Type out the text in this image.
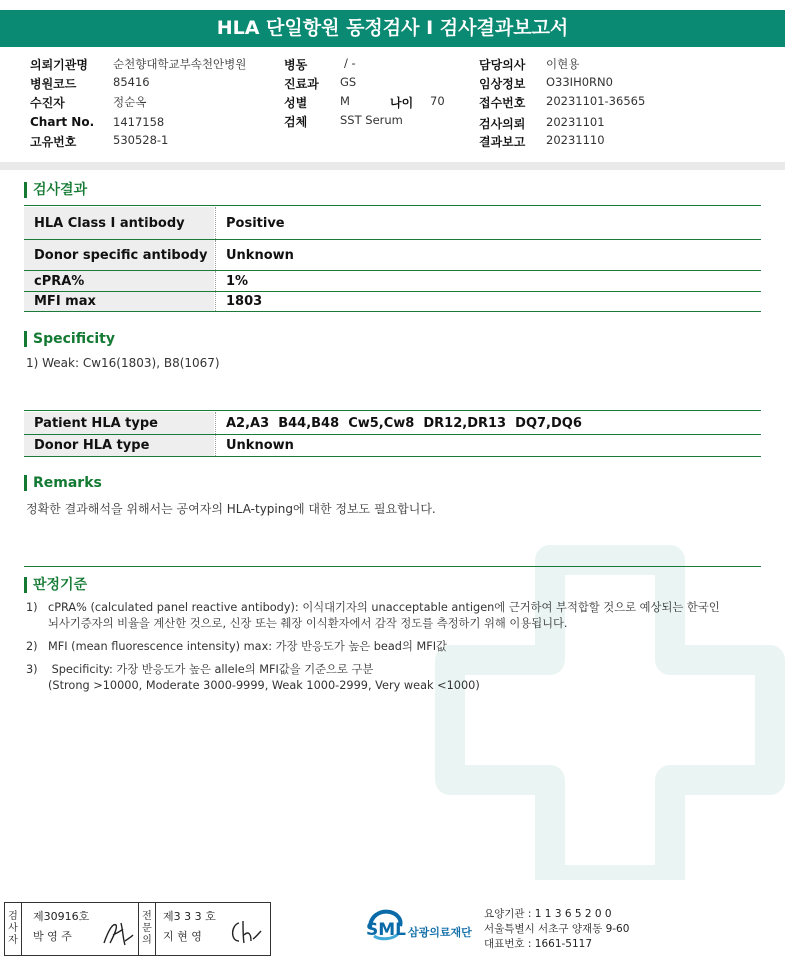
HLA 단일항원 동정검사 I 검사결과보고서
의뢰기관명 순천향대학교부속천안병원
병원코드	85416
수진자	정순옥
Chart No. 1417158
고유번호	530528-1
병동	/ -
진료과 GS
성별	M	나이 70
검체	SST Serum
담당의사 이현용
임상정보 O33IH0RN0
접수번호 20231101-36565
검사의뢰 20231101
결과보고 20231110
검사결과
HLA Class I antibody	Positive
Donor specific antibody	Unknown
cPRA%	1%
MFI max	1803
Specificity
1) Weak: Cw16(1803), B8(1067)
Patient HLA type	A2,A3  B44,B48  Cw5,Cw8  DR12,DR13  DQ7,DQ6
Donor HLA type	Unknown
Remarks
정확한 결과해석을 위해서는 공여자의 HLA-typing에 대한 정보도 필요합니다.
판정기준
1) cPRA% (calculated panel reactive antibody): 이식대기자의 unacceptable antigen에 근거하여 부적합할 것으로 예상되는 한국인
뇌사기증자의 비율을 계산한 것으로, 신장 또는 췌장 이식환자에서 감작 정도를 측정하기 위해 이용됩니다.
2) MFI (mean fluorescence intensity) max: 가장 반응도가 높은 bead의 MFI값
3) Specificity: 가장 반응도가 높은 allele의 MFI값을 기준으로 구분
(Strong >10000, Moderate 3000-9999, Weak 1000-2999, Very weak <1000)
검
사
자
제30916호
박 영 주
전
문
의
제3 3 3 호
지 현 영	SML 삼광의료재단
요양기관 : 1 1 3 6 5 2 0 0
서울특별시 서초구 양재동 9-60
대표번호 : 1661-5117
